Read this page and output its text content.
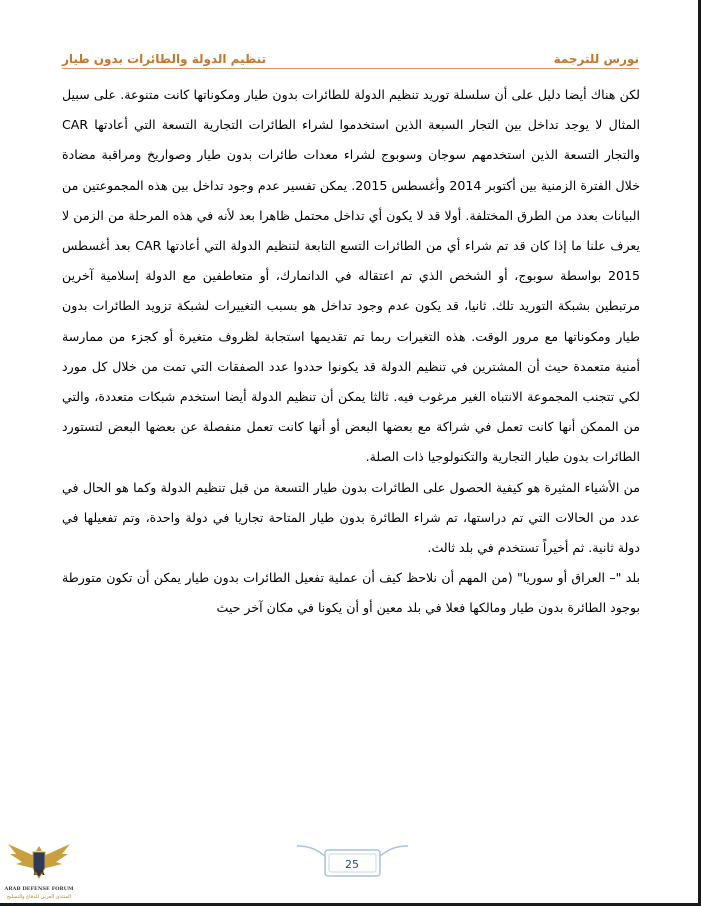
نورس للترجمة
تنظيم الدولة والطائرات بدون طيار

لكن هناك أيضا دليل على أن سلسلة توريد تنظيم الدولة للطائرات بدون طيار ومكوناتها كانت متنوعة. على سبيل المثال لا يوجد تداخل بين التجار السبعة الذين استخدموا لشراء الطائرات التجارية التسعة التي أعادتها CAR والتجار التسعة الذين استخدمهم سوجان وسوبوج لشراء معدات طائرات بدون طيار وصواريخ ومراقبة مضادة خلال الفترة الزمنية بين أكتوبر 2014 وأغسطس 2015. يمكن تفسير عدم وجود تداخل بين هذه المجموعتين من البيانات بعدد من الطرق المختلفة. أولا قد لا يكون أي تداخل محتمل ظاهرا بعد لأنه في هذه المرحلة من الزمن لا يعرف علنا ما إذا كان قد تم شراء أي من الطائرات التسع التابعة لتنظيم الدولة التي أعادتها CAR بعد أغسطس 2015 بواسطة سوبوج، أو الشخص الذي تم اعتقاله في الدانمارك، أو متعاطفين مع الدولة إسلامية آخرين مرتبطين بشبكة التوريد تلك. ثانيا، قد يكون عدم وجود تداخل هو بسبب التغييرات لشبكة تزويد الطائرات بدون طيار ومكوناتها مع مرور الوقت. هذه التغيرات ربما تم تقديمها استجابة لظروف متغيرة أو كجزء من ممارسة أمنية متعمدة حيث أن المشترين في تنظيم الدولة قد يكونوا حددوا عدد الصفقات التي تمت من خلال كل مورد لكي تتجنب المجموعة الانتباه الغير مرغوب فيه. ثالثا يمكن أن تنظيم الدولة أيضا استخدم شبكات متعددة، والتي من الممكن أنها كانت تعمل في شراكة مع بعضها البعض أو أنها كانت تعمل منفصلة عن بعضها البعض لتستورد الطائرات بدون طيار التجارية والتكنولوجيا ذات الصلة.

من الأشياء المثيرة هو كيفية الحصول على الطائرات بدون طيار التسعة من قبل تنظيم الدولة وكما هو الحال في عدد من الحالات التي تم دراستها، تم شراء الطائرة بدون طيار المتاحة تجاريا في دولة واحدة، وتم تفعيلها في دولة ثانية. ثم أخيراً تستخدم في بلد ثالث.

بلد "– العراق أو سوريا" (من المهم أن نلاحظ كيف أن عملية تفعيل الطائرات بدون طيار يمكن أن تكون متورطة بوجود الطائرة بدون طيار ومالكها فعلا في بلد معين أو أن يكونا في مكان آخر حيث

25
DA
ARAB DEFENSE FORUM
المنتدى العربي للدفاع والتسليح
